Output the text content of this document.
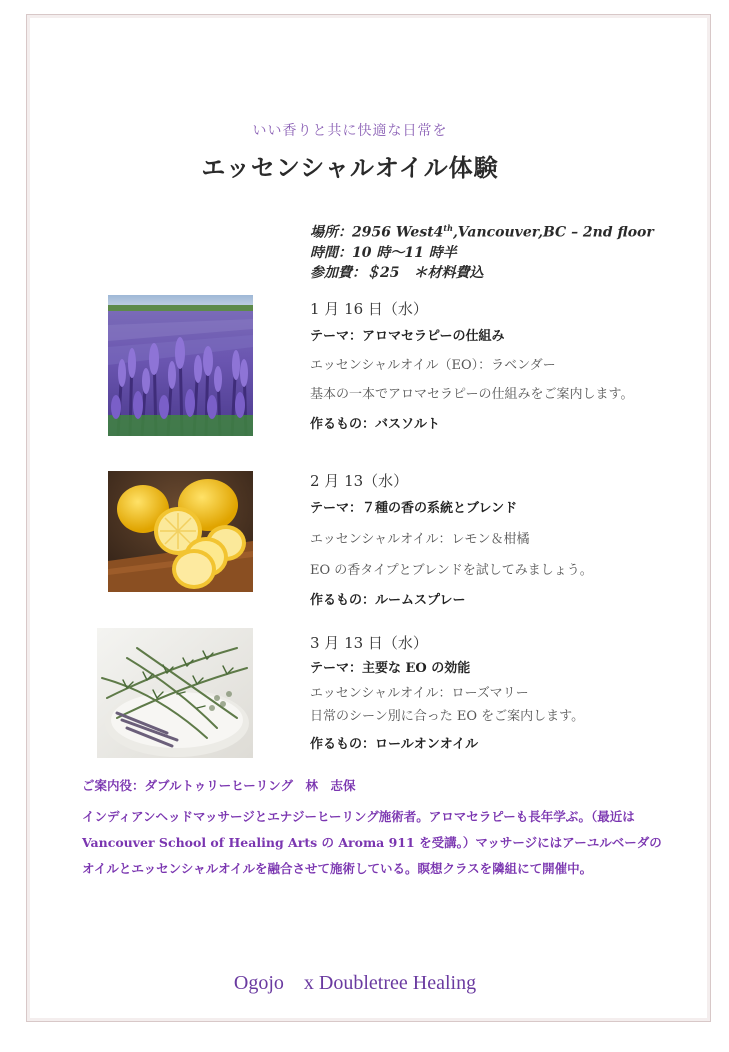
いい香りと共に快適な日常を
エッセンシャルオイル体験
場所：2956 West4th,Vancouver,BC – 2nd floor
時間：10 時〜11 時半
参加費：＄25　＊材料費込
1 月 16 日（水）
テーマ：アロマセラピーの仕組み
エッセンシャルオイル（EO）：ラベンダー
基本の一本でアロマセラピーの仕組みをご案内します。
作るもの：バスソルト
2 月 13（水）
テーマ：７種の香の系統とブレンド
エッセンシャルオイル：レモン＆柑橘
EO の香タイプとブレンドを試してみましょう。
作るもの：ルームスプレー
3 月 13 日（水）
テーマ：主要な EO の効能
エッセンシャルオイル：ローズマリー
日常のシーン別に合った EO をご案内します。
作るもの：ロールオンオイル
ご案内役：ダブルトゥリーヒーリング　林　志保
インディアンヘッドマッサージとエナジーヒーリング施術者。アロマセラピーも長年学ぶ。（最近は Vancouver School of Healing Arts の Aroma 911 を受講。）マッサージにはアーユルベーダのオイルとエッセンシャルオイルを融合させて施術している。瞑想クラスを隣組にて開催中。
Ogojo　x Doubletree Healing
